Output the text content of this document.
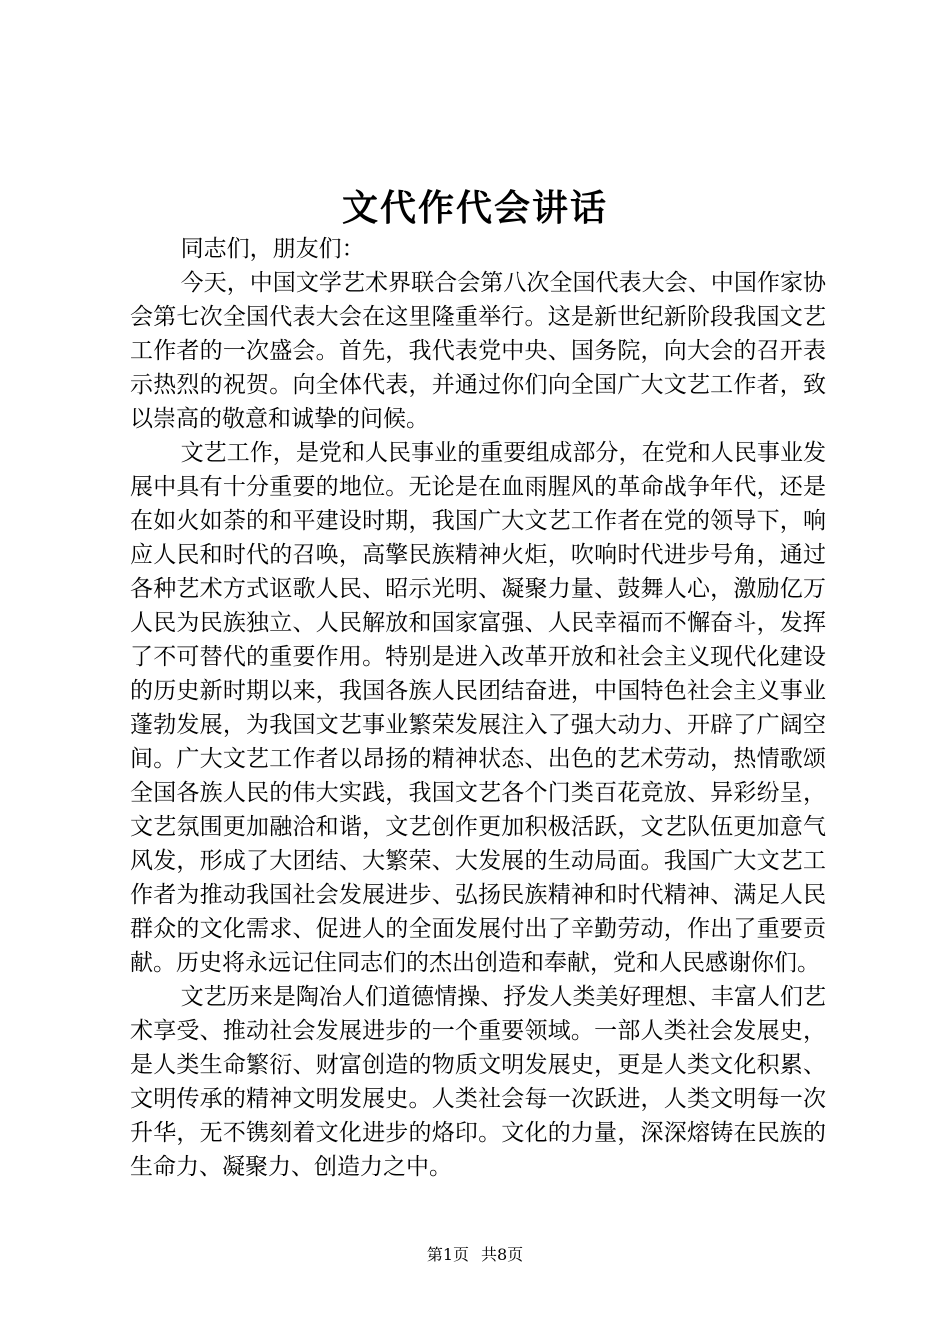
文代作代会讲话

同志们，朋友们：

今天，中国文学艺术界联合会第八次全国代表大会、中国作家协会第七次全国代表大会在这里隆重举行。这是新世纪新阶段我国文艺工作者的一次盛会。首先，我代表党中央、国务院，向大会的召开表示热烈的祝贺。向全体代表，并通过你们向全国广大文艺工作者，致以崇高的敬意和诚挚的问候。

文艺工作，是党和人民事业的重要组成部分，在党和人民事业发展中具有十分重要的地位。无论是在血雨腥风的革命战争年代，还是在如火如荼的和平建设时期，我国广大文艺工作者在党的领导下，响应人民和时代的召唤，高擎民族精神火炬，吹响时代进步号角，通过各种艺术方式讴歌人民、昭示光明、凝聚力量、鼓舞人心，激励亿万人民为民族独立、人民解放和国家富强、人民幸福而不懈奋斗，发挥了不可替代的重要作用。特别是进入改革开放和社会主义现代化建设的历史新时期以来，我国各族人民团结奋进，中国特色社会主义事业蓬勃发展，为我国文艺事业繁荣发展注入了强大动力、开辟了广阔空间。广大文艺工作者以昂扬的精神状态、出色的艺术劳动，热情歌颂全国各族人民的伟大实践，我国文艺各个门类百花竞放、异彩纷呈，文艺氛围更加融洽和谐，文艺创作更加积极活跃，文艺队伍更加意气风发，形成了大团结、大繁荣、大发展的生动局面。我国广大文艺工作者为推动我国社会发展进步、弘扬民族精神和时代精神、满足人民群众的文化需求、促进人的全面发展付出了辛勤劳动，作出了重要贡献。历史将永远记住同志们的杰出创造和奉献，党和人民感谢你们。

文艺历来是陶冶人们道德情操、抒发人类美好理想、丰富人们艺术享受、推动社会发展进步的一个重要领域。一部人类社会发展史，是人类生命繁衍、财富创造的物质文明发展史，更是人类文化积累、文明传承的精神文明发展史。人类社会每一次跃进，人类文明每一次升华，无不镌刻着文化进步的烙印。文化的力量，深深熔铸在民族的生命力、凝聚力、创造力之中。

第1页 共8页
